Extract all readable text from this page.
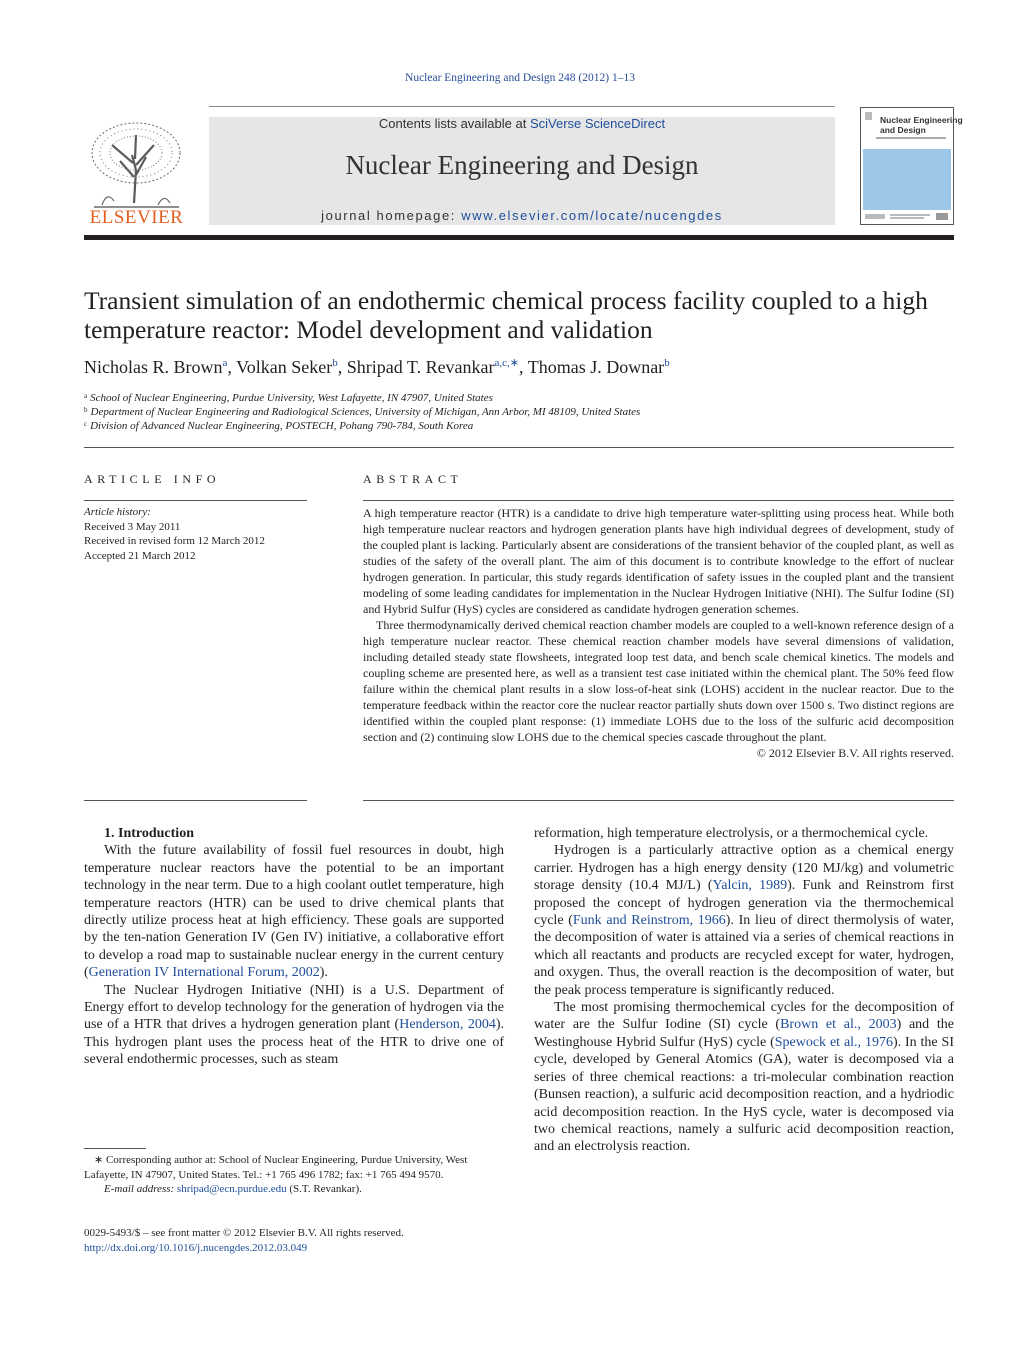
Nuclear Engineering and Design 248 (2012) 1–13
ELSEVIER
Contents lists available at SciVerse ScienceDirect
Nuclear Engineering and Design
journal homepage: www.elsevier.com/locate/nucengdes
Nuclear Engineering
and Design
Transient simulation of an endothermic chemical process facility coupled to a high temperature reactor: Model development and validation
Nicholas R. Brown$^a$, Volkan Seker$^b$, Shripad T. Revankar$^{a,c,∗}$, Thomas J. Downar$^b$
$^a$ School of Nuclear Engineering, Purdue University, West Lafayette, IN 47907, United States
$^b$ Department of Nuclear Engineering and Radiological Sciences, University of Michigan, Ann Arbor, MI 48109, United States
$^c$ Division of Advanced Nuclear Engineering, POSTECH, Pohang 790-784, South Korea
ARTICLE INFO
Article history:
Received 3 May 2011
Received in revised form 12 March 2012
Accepted 21 March 2012
ABSTRACT

A high temperature reactor (HTR) is a candidate to drive high temperature water-splitting using process heat. While both high temperature nuclear reactors and hydrogen generation plants have high individual degrees of development, study of the coupled plant is lacking. Particularly absent are considerations of the transient behavior of the coupled plant, as well as studies of the safety of the overall plant. The aim of this document is to contribute knowledge to the effort of nuclear hydrogen generation. In particular, this study regards identification of safety issues in the coupled plant and the transient modeling of some leading candidates for implementation in the Nuclear Hydrogen Initiative (NHI). The Sulfur Iodine (SI) and Hybrid Sulfur (HyS) cycles are considered as candidate hydrogen generation schemes.

Three thermodynamically derived chemical reaction chamber models are coupled to a well-known reference design of a high temperature nuclear reactor. These chemical reaction chamber models have several dimensions of validation, including detailed steady state flowsheets, integrated loop test data, and bench scale chemical kinetics. The models and coupling scheme are presented here, as well as a transient test case initiated within the chemical plant. The 50% feed flow failure within the chemical plant results in a slow loss-of-heat sink (LOHS) accident in the nuclear reactor. Due to the temperature feedback within the reactor core the nuclear reactor partially shuts down over 1500 s. Two distinct regions are identified within the coupled plant response: (1) immediate LOHS due to the loss of the sulfuric acid decomposition section and (2) continuing slow LOHS due to the chemical species cascade throughout the plant.

© 2012 Elsevier B.V. All rights reserved.

1. Introduction

With the future availability of fossil fuel resources in doubt, high temperature nuclear reactors have the potential to be an important technology in the near term. Due to a high coolant outlet temperature, high temperature reactors (HTR) can be used to drive chemical plants that directly utilize process heat at high efficiency. These goals are supported by the ten-nation Generation IV (Gen IV) initiative, a collaborative effort to develop a road map to sustainable nuclear energy in the current century (Generation IV International Forum, 2002).

The Nuclear Hydrogen Initiative (NHI) is a U.S. Department of Energy effort to develop technology for the generation of hydrogen via the use of a HTR that drives a hydrogen generation plant (Henderson, 2004). This hydrogen plant uses the process heat of the HTR to drive one of several endothermic processes, such as steam

reformation, high temperature electrolysis, or a thermochemical cycle.

Hydrogen is a particularly attractive option as a chemical energy carrier. Hydrogen has a high energy density (120 MJ/kg) and volumetric storage density (10.4 MJ/L) (Yalcin, 1989). Funk and Reinstrom first proposed the concept of hydrogen generation via the thermochemical cycle (Funk and Reinstrom, 1966). In lieu of direct thermolysis of water, the decomposition of water is attained via a series of chemical reactions in which all reactants and products are recycled except for water, hydrogen, and oxygen. Thus, the overall reaction is the decomposition of water, but the peak process temperature is significantly reduced.

The most promising thermochemical cycles for the decomposition of water are the Sulfur Iodine (SI) cycle (Brown et al., 2003) and the Westinghouse Hybrid Sulfur (HyS) cycle (Spewock et al., 1976). In the SI cycle, developed by General Atomics (GA), water is decomposed via a series of three chemical reactions: a tri-molecular combination reaction (Bunsen reaction), a sulfuric acid decomposition reaction, and a hydriodic acid decomposition reaction. In the HyS cycle, water is decomposed via two chemical reactions, namely a sulfuric acid decomposition reaction, and an electrolysis reaction.

∗ Corresponding author at: School of Nuclear Engineering, Purdue University, West Lafayette, IN 47907, United States. Tel.: +1 765 496 1782; fax: +1 765 494 9570.

E-mail address: shripad@ecn.purdue.edu (S.T. Revankar).

0029-5493/$ – see front matter © 2012 Elsevier B.V. All rights reserved.
http://dx.doi.org/10.1016/j.nucengdes.2012.03.049
